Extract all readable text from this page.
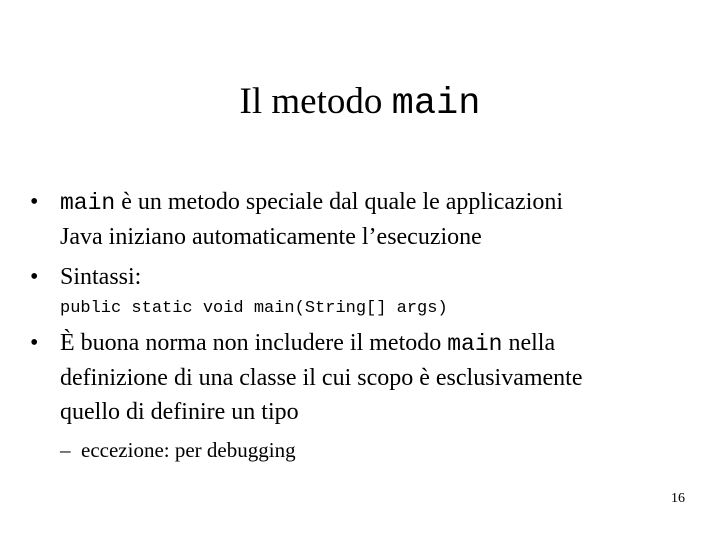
Il metodo main
• main è un metodo speciale dal quale le applicazioni
Java iniziano automaticamente l’esecuzione
• Sintassi:
public static void main(String[] args)
• È buona norma non includere il metodo main nella
definizione di una classe il cui scopo è esclusivamente
quello di definire un tipo
– eccezione: per debugging
16
